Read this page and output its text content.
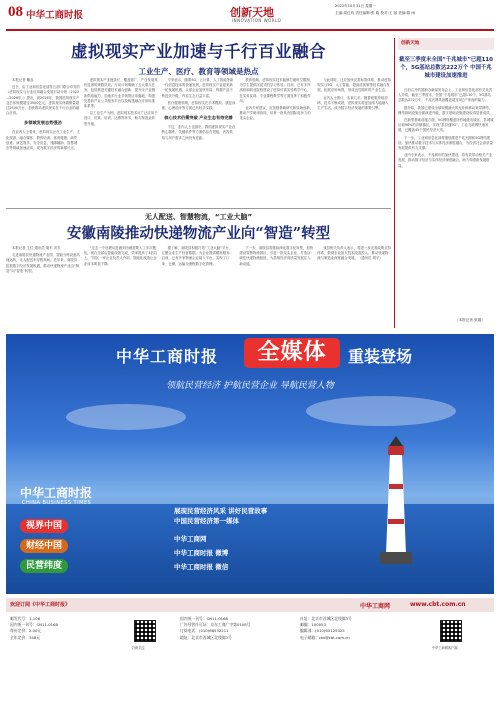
08 中华工商时报	创新天地
INNOVATION WORLD
2022年10月31日 星期一
主编:周红玫 责任编辑:张 璇 校对:王 丽 美编:陈 雨
虚拟现实产业加速与千行百业融合
工业生产、医疗、教育等领域是热点

本报记者 戴蕊

近日，由工业和信息化部等五部门联合印发的《虚拟现实与行业应用融合发展行动计划（2022—2026年）》提出，到2026年，我国虚拟现实产业总体规模超过3500亿元，虚拟现实终端销量超过2500万台，加快推动虚拟现实在千行百业的融合应用。

多领域发展态势强劲

在业内人士看来，虚拟现实正在工业生产、文化旅游、融合媒体、教育培训、体育健康、商贸创意、演艺娱乐、安全应急、残障辅助、智慧城市等领域加速应用，成为数字经济的新增长点。

虚拟现实产业链条长、覆盖面广，产业发展具有显著的乘数效应。行动计划明确了五大重点任务，包括推进关键技术融合创新、提升全产业链条供给能力、加速多行业多场景应用落地、构建完善的产业公共服务平台以及构建融合应用标准体系等。

以工业生产为例，虚拟现实技术可广泛应用于设计、仿真、培训、运维等环节，助力制造业转型升级。

专家表示，随着5G、云计算、人工智能等新一代信息技术的快速发展，虚拟现实产业迎来新一轮发展机遇。头部企业加快布局，终端产品不断迭代升级，内容生态日益丰富。

医疗健康领域，虚拟现实在手术模拟、康复训练、心理治疗等方面已有较多实践。

核心技术仍需突破 产业生态有待完善

不过，业内人士也指出，我国虚拟现实产业在核心器件、关键软件等方面仍存在短板，内容供给与用户需求之间仍有差距。

教育领域，虚拟现实技术能够打破时空限制，为学生提供沉浸式的学习体验。目前，已有多所高校和职业院校建设了虚拟仿真实验教学中心，在实验实训、专业课程教学等方面发挥了积极作用。

业内专家建议，应加强基础研究和原始创新，推动产学研用协同，培育一批具有国际竞争力的龙头企业。

与此同时，还应加快完善标准体系，推动虚拟现实与5G、人工智能、超高清视频等技术融合发展，拓展应用场景，形成良性循环的产业生态。

业内人士预计，未来几年，随着政策持续加码、技术不断成熟，虚拟现实将更加深入地融入生产生活，成为数字经济发展的重要引擎。

无人配送、智慧物流，“工业大脑”
安徽南陵推动快递物流产业向“智造”转型

本报记者 王红 通讯员 胡平 刘芳

走进南陵县快递物流产业园，智能分拣设备高速运转，无人配送车穿梭其间。近年来，南陵县抢抓数字经济发展机遇，推动快递物流产业由“制造”向“智造”转型。

“过去一个包裹从进港到出港需要人工多次搬运，现在全部由智能设备完成，效率提高了3倍以上。”园区一家企业负责人介绍，智能化改造让企业成本明显下降。

据了解，南陵县积极打造“工业大脑”平台，汇聚企业生产经营数据，为企业提供精准服务。目前，已有多家物流企业接入平台，实现了订单、仓储、运输全流程数字化管理。

下一步，南陵县将继续深化数字化转型，加快建设智慧物流园区，引进一批龙头企业，打造区域性快递物流枢纽，为县域经济高质量发展注入新动能。

该县相关负责人表示，将进一步完善政策支持体系，鼓励企业加大技术改造投入，推动快递物流与制造业深度融合发展。（通讯员 胡平）

创新天地
截至三季度末全国“千兆城市”已超110个，5G基站总数达222万个 中国千兆城市建设加速推进

日前召开的国新办新闻发布会上，工业和信息化部有关负责人介绍，截至三季度末，全国“千兆城市”已超110个，5G基站总数达222万个，千兆光网具备覆盖超过5亿户家庭的能力。

据介绍，我国已建成全球规模最大的光纤和移动宽带网络，网络基础设施全面演进升级，数字基础设施建设取得显著成效。

在新型基础设施方面，5G网络覆盖所有地级市城区、县城城区和96%的乡镇镇区，实现“县县通5G”。工业互联网快速发展，已覆盖45个国民经济大类。

下一步，工业和信息化部将继续推进千兆光网和5G网络建设，加快推动数字技术与实体经济深度融合，为经济社会高质量发展提供有力支撑。

业内专家表示，千兆城市的加快建设，将有效带动相关产业发展，推动数字经济与实体经济深度融合，助力构建新发展格局。

（本报记者 张璇）
中华工商时报	全媒体	重装登场
领航民营经济 护航民营企业 导航民营人物
中华工商时报
CHINA BUSINESS TIMES
视界中国
财经中国
民营纬度
展现民营经济风采 讲好民营故事
中国民营经济第一媒体
中华工商网
中华工商时报 微博
中华工商时报 微信
欢迎订阅《中华工商时报》	中华工商网	www.cbt.com.cn
邮发代号：1-106
国内统一刊号：CN11-0168
每份定价：2.00元
全年定价：348元
扫码关注
国内统一刊号：CN11-0168
广告经营许可证：京东工商广字第0108号
订阅电话：(010)66532211
地址：北京市西城区北线阁3号
社址：北京市西城区北线阁3号
邮编：100053
编辑部：(010)65125425
电子邮箱：cbt@cbt.com.cn
中华工商网客户端
